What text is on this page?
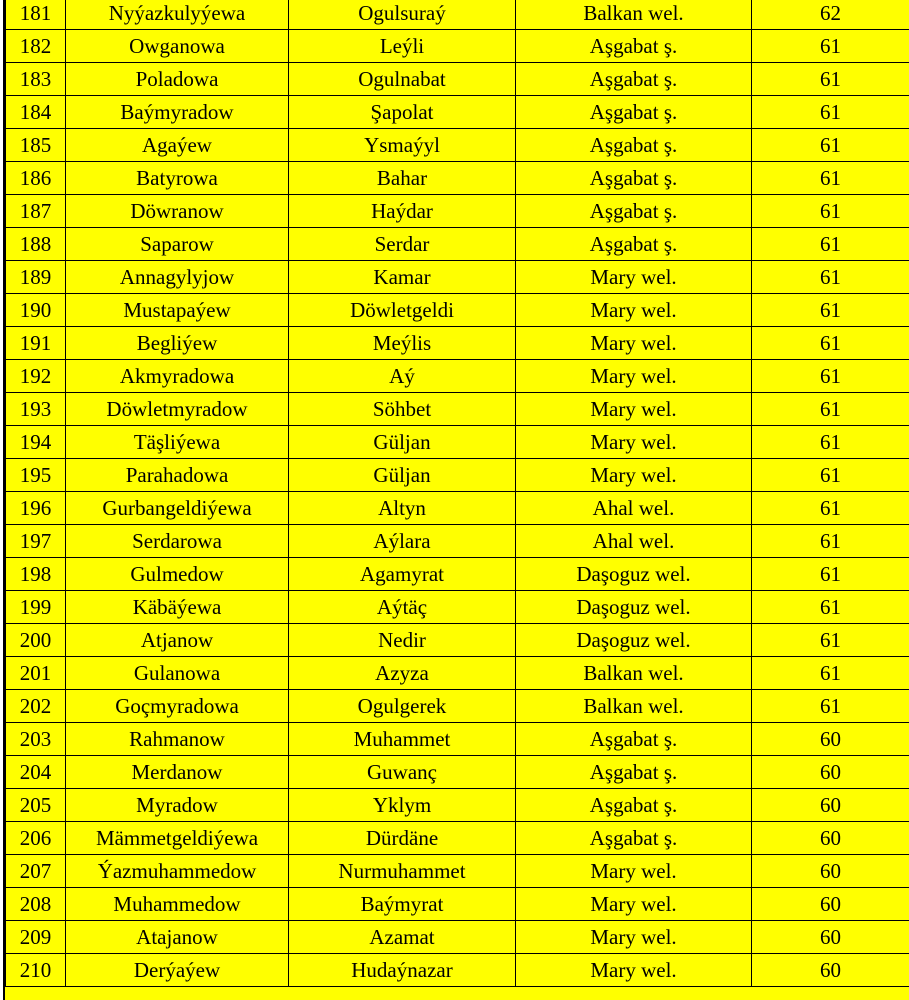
181	Nyýazkulyýewa	Ogulsuraý	Balkan wel.	62
182	Owganowa	Leýli	Aşgabat ş.	61
183	Poladowa	Ogulnabat	Aşgabat ş.	61
184	Baýmyradow	Şapolat	Aşgabat ş.	61
185	Agaýew	Ysmaýyl	Aşgabat ş.	61
186	Batyrowa	Bahar	Aşgabat ş.	61
187	Döwranow	Haýdar	Aşgabat ş.	61
188	Saparow	Serdar	Aşgabat ş.	61
189	Annagylyjow	Kamar	Mary wel.	61
190	Mustapaýew	Döwletgeldi	Mary wel.	61
191	Begliýew	Meýlis	Mary wel.	61
192	Akmyradowa	Aý	Mary wel.	61
193	Döwletmyradow	Söhbet	Mary wel.	61
194	Täşliýewa	Güljan	Mary wel.	61
195	Parahadowa	Güljan	Mary wel.	61
196	Gurbangeldiýewa	Altyn	Ahal wel.	61
197	Serdarowa	Aýlara	Ahal wel.	61
198	Gulmedow	Agamyrat	Daşoguz wel.	61
199	Käbäýewa	Aýtäç	Daşoguz wel.	61
200	Atjanow	Nedir	Daşoguz wel.	61
201	Gulanowa	Azyza	Balkan wel.	61
202	Goçmyradowa	Ogulgerek	Balkan wel.	61
203	Rahmanow	Muhammet	Aşgabat ş.	60
204	Merdanow	Guwanç	Aşgabat ş.	60
205	Myradow	Yklym	Aşgabat ş.	60
206	Mämmetgeldiýewa	Dürdäne	Aşgabat ş.	60
207	Ýazmuhammedow	Nurmuhammet	Mary wel.	60
208	Muhammedow	Baýmyrat	Mary wel.	60
209	Atajanow	Azamat	Mary wel.	60
210	Derýaýew	Hudaýnazar	Mary wel.	60
